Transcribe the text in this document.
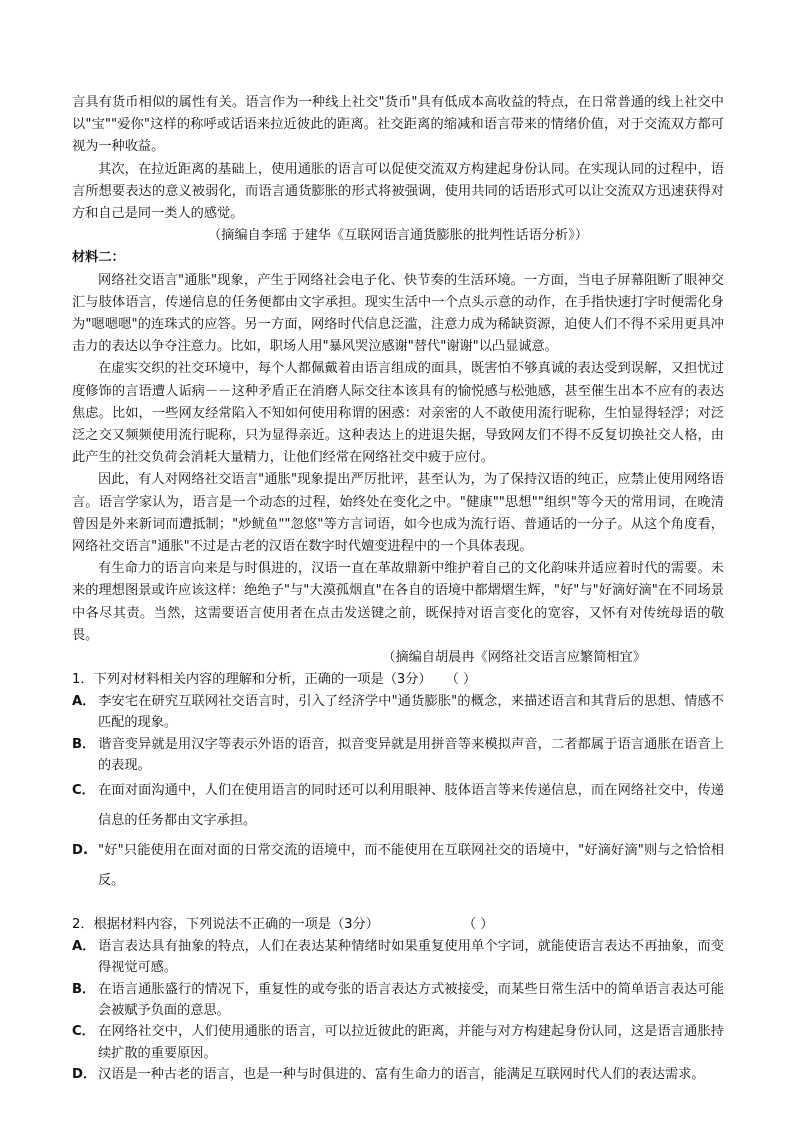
言具有货币相似的属性有关。语言作为一种线上社交"货币"具有低成本高收益的特点，在日常普通的线上社交中以"宝""爱你"这样的称呼或话语来拉近彼此的距离。社交距离的缩减和语言带来的情绪价值，对于交流双方都可视为一种收益。

其次，在拉近距离的基础上，使用通胀的语言可以促使交流双方构建起身份认同。在实现认同的过程中，语言所想要表达的意义被弱化，而语言通货膨胀的形式将被强调，使用共同的话语形式可以让交流双方迅速获得对方和自己是同一类人的感觉。

（摘编自李瑶 于建华《互联网语言通货膨胀的批判性话语分析》）

材料二：

网络社交语言"通胀"现象，产生于网络社会电子化、快节奏的生活环境。一方面，当电子屏幕阻断了眼神交汇与肢体语言，传递信息的任务便都由文字承担。现实生活中一个点头示意的动作，在手指快速打字时便需化身为"嗯嗯嗯"的连珠式的应答。另一方面，网络时代信息泛滥，注意力成为稀缺资源，迫使人们不得不采用更具冲击力的表达以争夺注意力。比如，职场人用"暴风哭泣感谢"替代"谢谢"以凸显诚意。

在虚实交织的社交环境中，每个人都佩戴着由语言组成的面具，既害怕不够真诚的表达受到误解，又担忧过度修饰的言语遭人诟病－－这种矛盾正在消磨人际交往本该具有的愉悦感与松弛感，甚至催生出本不应有的表达焦虑。比如，一些网友经常陷入不知如何使用称谓的困惑：对亲密的人不敢使用流行昵称，生怕显得轻浮；对泛泛之交又频频使用流行昵称，只为显得亲近。这种表达上的进退失据，导致网友们不得不反复切换社交人格，由此产生的社交负荷会消耗大量精力，让他们经常在网络社交中疲于应付。

因此，有人对网络社交语言"通胀"现象提出严厉批评，甚至认为，为了保持汉语的纯正，应禁止使用网络语言。语言学家认为，语言是一个动态的过程，始终处在变化之中。"健康""思想""组织"等今天的常用词，在晚清曾因是外来新词而遭抵制；"炒鱿鱼""忽悠"等方言词语，如今也成为流行语、普通话的一分子。从这个角度看，网络社交语言"通胀"不过是古老的汉语在数字时代嬗变进程中的一个具体表现。

有生命力的语言向来是与时俱进的，汉语一直在革故鼎新中维护着自己的文化韵味并适应着时代的需要。未来的理想图景或许应该这样：绝绝子"与"大漠孤烟直"在各自的语境中都熠熠生辉，"好"与"好滴好滴"在不同场景中各尽其责。当然，这需要语言使用者在点击发送键之前，既保持对语言变化的宽容，又怀有对传统母语的敬畏。

（摘编自胡晨冉《网络社交语言应繁简相宜》

1．下列对材料相关内容的理解和分析，正确的一项是（3分） （ ）

A． 李安宅在研究互联网社交语言时，引入了经济学中"通货膨胀"的概念，来描述语言和其背后的思想、情感不匹配的现象。

B． 谐音变异就是用汉字等表示外语的语音，拟音变异就是用拼音等来模拟声音，二者都属于语言通胀在语音上的表现。

C． 在面对面沟通中，人们在使用语言的同时还可以利用眼神、肢体语言等来传递信息，而在网络社交中，传递信息的任务都由文字承担。

D. "好"只能使用在面对面的日常交流的语境中，而不能使用在互联网社交的语境中，"好滴好滴"则与之恰恰相反。

2．根据材料内容，下列说法不正确的一项是（3分）	（ ）

A． 语言表达具有抽象的特点，人们在表达某种情绪时如果重复使用单个字词，就能使语言表达不再抽象，而变得视觉可感。

B． 在语言通胀盛行的情况下，重复性的或夸张的语言表达方式被接受，而某些日常生活中的简单语言表达可能会被赋予负面的意思。

C． 在网络社交中，人们使用通胀的语言，可以拉近彼此的距离，并能与对方构建起身份认同，这是语言通胀持续扩散的重要原因。

D． 汉语是一种古老的语言，也是一种与时俱进的、富有生命力的语言，能满足互联网时代人们的表达需求。
